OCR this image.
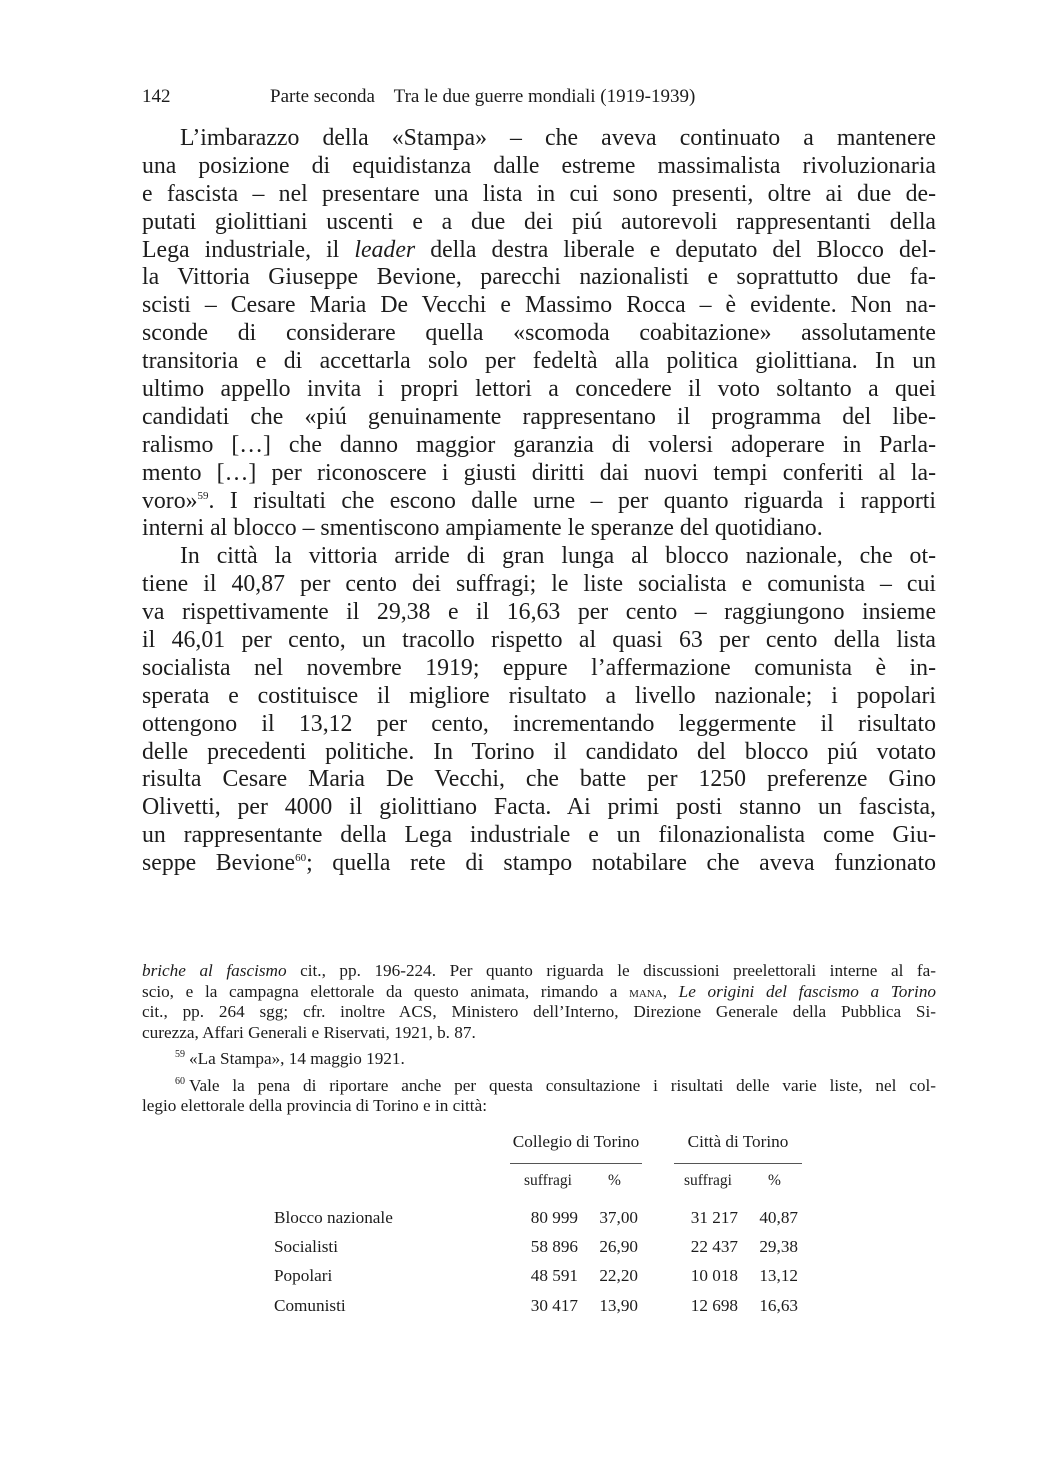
142	Parte seconda    Tra le due guerre mondiali (1919-1939)
L’imbarazzo della «Stampa» – che aveva continuato a mantenere
una posizione di equidistanza dalle estreme massimalista rivoluzionaria
e fascista – nel presentare una lista in cui sono presenti, oltre ai due de-
putati giolittiani uscenti e a due dei piú autorevoli rappresentanti della
Lega industriale, il leader della destra liberale e deputato del Blocco del-
la Vittoria Giuseppe Bevione, parecchi nazionalisti e soprattutto due fa-
scisti – Cesare Maria De Vecchi e Massimo Rocca – è evidente. Non na-
sconde di considerare quella «scomoda coabitazione» assolutamente
transitoria e di accettarla solo per fedeltà alla politica giolittiana. In un
ultimo appello invita i propri lettori a concedere il voto soltanto a quei
candidati che «piú genuinamente rappresentano il programma del libe-
ralismo […] che danno maggior garanzia di volersi adoperare in Parla-
mento […] per riconoscere i giusti diritti dai nuovi tempi conferiti al la-
voro»$^{59}$. I risultati che escono dalle urne – per quanto riguarda i rapporti
interni al blocco – smentiscono ampiamente le speranze del quotidiano.
In città la vittoria arride di gran lunga al blocco nazionale, che ot-
tiene il 40,87 per cento dei suffragi; le liste socialista e comunista – cui
va rispettivamente il 29,38 e il 16,63 per cento – raggiungono insieme
il 46,01 per cento, un tracollo rispetto al quasi 63 per cento della lista
socialista nel novembre 1919; eppure l’affermazione comunista è in-
sperata e costituisce il migliore risultato a livello nazionale; i popolari
ottengono il 13,12 per cento, incrementando leggermente il risultato
delle precedenti politiche. In Torino il candidato del blocco piú votato
risulta Cesare Maria De Vecchi, che batte per 1250 preferenze Gino
Olivetti, per 4000 il giolittiano Facta. Ai primi posti stanno un fascista,
un rappresentante della Lega industriale e un filonazionalista come Giu-
seppe Bevione$^{60}$; quella rete di stampo notabilare che aveva funzionato
briche al fascismo cit., pp. 196-224. Per quanto riguarda le discussioni preelettorali interne al fa-
scio, e la campagna elettorale da questo animata, rimando a mana, Le origini del fascismo a Torino
cit., pp. 264 sgg; cfr. inoltre ACS, Ministero dell’Interno, Direzione Generale della Pubblica Si-
curezza, Affari Generali e Riservati, 1921, b. 87.
$^{59}$ «La Stampa», 14 maggio 1921.
$^{60}$ Vale la pena di riportare anche per questa consultazione i risultati delle varie liste, nel col-
legio elettorale della provincia di Torino e in città:
Collegio di Torino	Città di Torino
suffragi %	suffragi %
Blocco nazionale	80 999	37,00	31 217	40,87
Socialisti	58 896	26,90	22 437	29,38
Popolari	48 591	22,20	10 018	13,12
Comunisti	30 417	13,90	12 698	16,63
